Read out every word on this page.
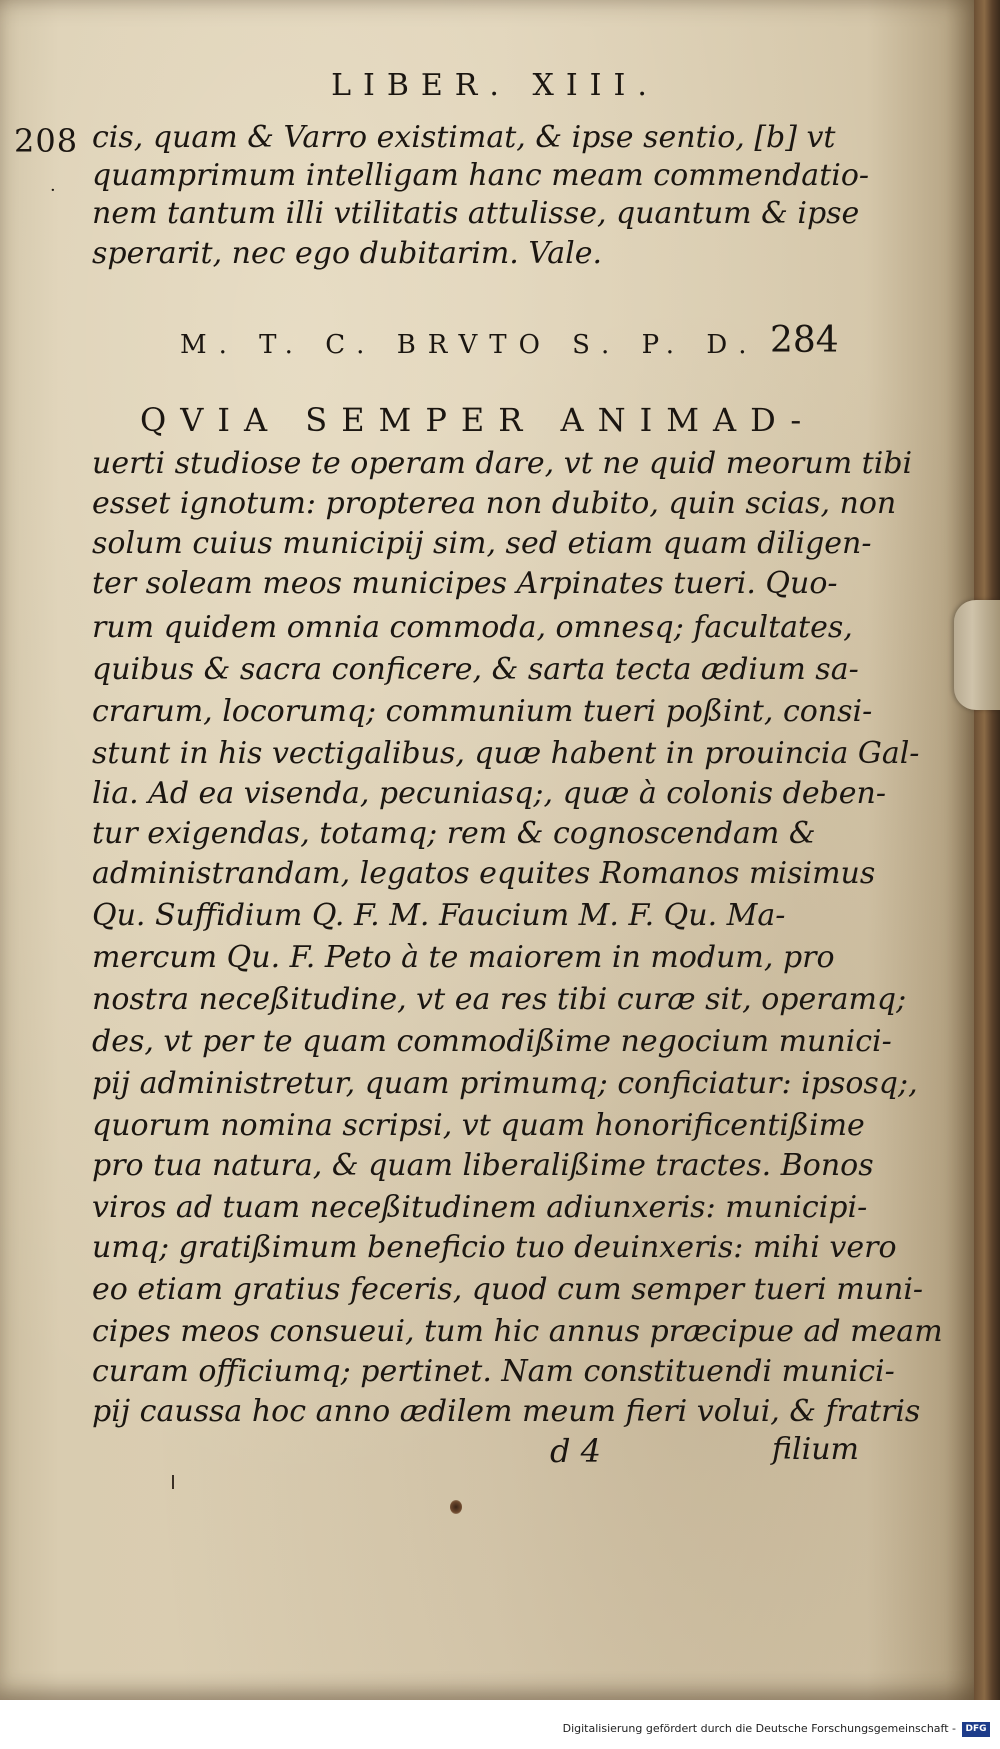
LIBER. XIII.
208
·
cis, quam & Varro existimat, & ipse sentio, [b] vt
quamprimum intelligam hanc meam commendatio-
nem tantum illi vtilitatis attulisse, quantum & ipse
sperarit, nec ego dubitarim. Vale.
M. T. C. BRVTO S. P. D. 284
QVIA SEMPER ANIMAD-
uerti studiose te operam dare, vt ne quid meorum tibi
esset ignotum: propterea non dubito, quin scias, non
solum cuius municipij sim, sed etiam quam diligen-
ter soleam meos municipes Arpinates tueri. Quo-
rum quidem omnia commoda, omnesq; facultates,
quibus & sacra conficere, & sarta tecta ædium sa-
crarum, locorumq; communium tueri poßint, consi-
stunt in his vectigalibus, quæ habent in prouincia Gal-
lia. Ad ea visenda, pecuniasq;, quæ à colonis deben-
tur exigendas, totamq; rem & cognoscendam &
administrandam, legatos equites Romanos misimus
Qu. Suffidium Q. F. M. Faucium M. F. Qu. Ma-
mercum Qu. F. Peto à te maiorem in modum, pro
nostra neceßitudine, vt ea res tibi curæ sit, operamq;
des, vt per te quam commodißime negocium munici-
pij administretur, quam primumq; conficiatur: ipsosq;,
quorum nomina scripsi, vt quam honorificentißime
pro tua natura, & quam liberalißime tractes. Bonos
viros ad tuam neceßitudinem adiunxeris: municipi-
umq; gratißimum beneficio tuo deuinxeris: mihi vero
eo etiam gratius feceris, quod cum semper tueri muni-
cipes meos consueui, tum hic annus præcipue ad meam
curam officiumq; pertinet. Nam constituendi munici-
pij caussa hoc anno ædilem meum fieri volui, & fratris
d 4	filium
Digitalisierung gefördert durch die Deutsche Forschungsgemeinschaft -	DFG
